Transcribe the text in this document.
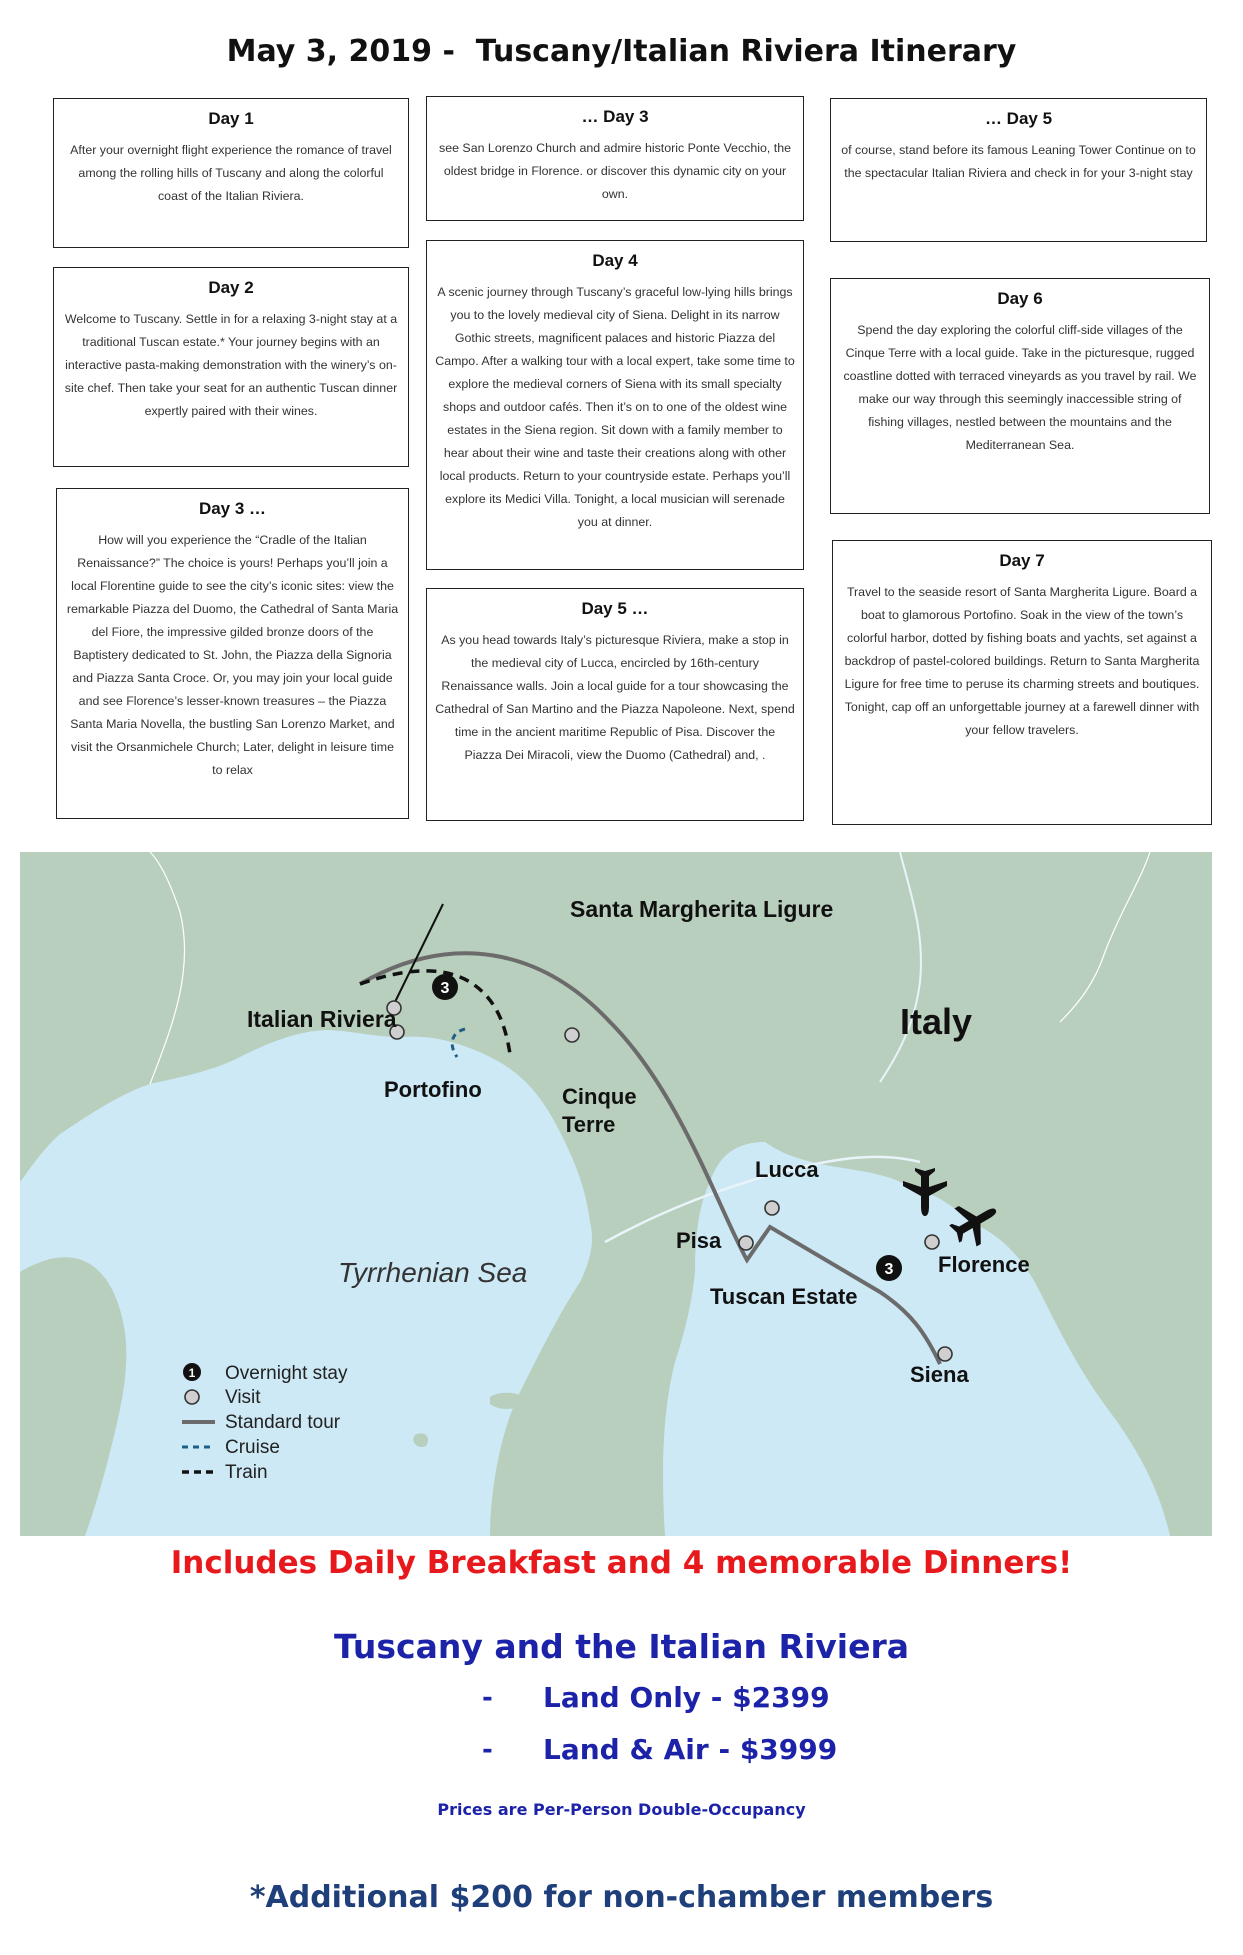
May 3, 2019 -  Tuscany/Italian Riviera Itinerary
Day 1

After your overnight flight experience the romance of travel among the rolling hills of Tuscany and along the colorful coast of the Italian Riviera.

Day 2

Welcome to Tuscany. Settle in for a relaxing 3-night stay at a traditional Tuscan estate.* Your journey begins with an interactive pasta-making demonstration with the winery’s on-site chef. Then take your seat for an authentic Tuscan dinner expertly paired with their wines.

Day 3 …

How will you experience the “Cradle of the Italian Renaissance?” The choice is yours! Perhaps you’ll join a local Florentine guide to see the city’s iconic sites: view the remarkable Piazza del Duomo, the Cathedral of Santa Maria del Fiore, the impressive gilded bronze doors of the Baptistery dedicated to St. John, the Piazza della Signoria and Piazza Santa Croce. Or, you may join your local guide and see Florence’s lesser-known treasures – the Piazza Santa Maria Novella, the bustling San Lorenzo Market, and visit the Orsanmichele Church; Later, delight in leisure time to relax

… Day 3

see San Lorenzo Church and admire historic Ponte Vecchio, the oldest bridge in Florence. or discover this dynamic city on your own.

Day 4

A scenic journey through Tuscany’s graceful low-lying hills brings you to the lovely medieval city of Siena. Delight in its narrow Gothic streets, magnificent palaces and historic Piazza del Campo. After a walking tour with a local expert, take some time to explore the medieval corners of Siena with its small specialty shops and outdoor cafés. Then it’s on to one of the oldest wine estates in the Siena region. Sit down with a family member to hear about their wine and taste their creations along with other local products. Return to your countryside estate. Perhaps you’ll explore its Medici Villa. Tonight, a local musician will serenade you at dinner.

Day 5 …

As you head towards Italy’s picturesque Riviera, make a stop in the medieval city of Lucca, encircled by 16th-century Renaissance walls. Join a local guide for a tour showcasing the Cathedral of San Martino and the Piazza Napoleone. Next, spend time in the ancient maritime Republic of Pisa. Discover the Piazza Dei Miracoli, view the Duomo (Cathedral) and, .

… Day 5

of course, stand before its famous Leaning Tower Continue on to the spectacular Italian Riviera and check in for your 3-night stay

Day 6

Spend the day exploring the colorful cliff-side villages of the Cinque Terre with a local guide. Take in the picturesque, rugged coastline dotted with terraced vineyards as you travel by rail. We make our way through this seemingly inaccessible string of fishing villages, nestled between the mountains and the Mediterranean Sea.

Day 7

Travel to the seaside resort of Santa Margherita Ligure. Board a boat to glamorous Portofino. Soak in the view of the town’s colorful harbor, dotted by fishing boats and yachts, set against a backdrop of pastel-colored buildings. Return to Santa Margherita Ligure for free time to peruse its charming streets and boutiques. Tonight, cap off an unforgettable journey at a farewell dinner with your fellow travelers.

3
3
Santa Margherita Ligure
Italian Riviera	Italy
Portofino	Cinque
Terre
Lucca
Pisa
Florence
Tuscan Estate
Siena
Tyrrhenian Sea
1 Overnight stay
Visit
Standard tour
Cruise
Train
Includes Daily Breakfast and 4 memorable Dinners!
Tuscany and the Italian Riviera
- Land Only - $2399
- Land & Air - $3999
Prices are Per-Person Double-Occupancy
*Additional $200 for non-chamber members
